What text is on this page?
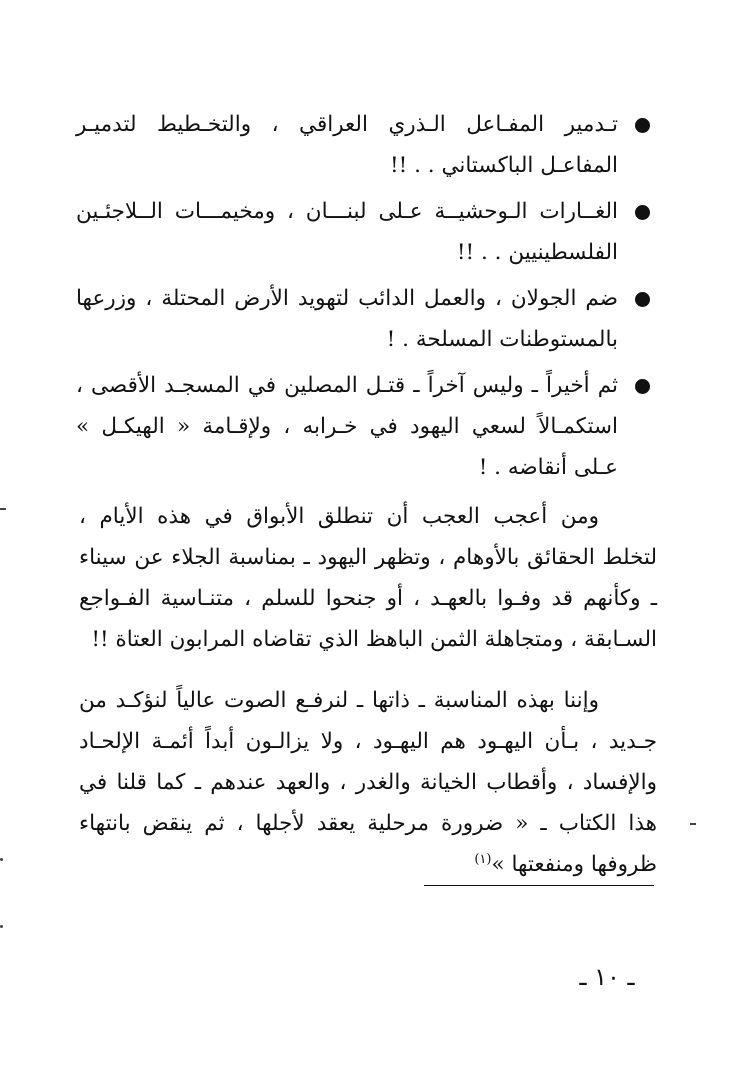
تـدمير المفـاعل الـذري العراقي ، والتخـطيط لتدميـر المفاعـل الباكستاني . . !!

الغــارات الـوحشيــة عـلى لبنـــان ، ومخيمـــات الــلاجئـين الفلسطينيين . . !!

ضم الجولان ، والعمل الدائب لتهويد الأرض المحتلة ، وزرعها بالمستوطنات المسلحة . !

ثم أخيراً ـ وليس آخراً ـ قتـل المصلين في المسجـد الأقصى ، استكمـالاً لسعي اليهود في خـرابه ، ولإقـامة « الهيكـل » عـلى أنقاضه . !

ومن أعجب العجب أن تنطلق الأبواق في هذه الأيام ، لتخلط الحقائق بالأوهام ، وتظهر اليهود ـ بمناسبة الجلاء عن سيناء ـ وكأنهم قد وفـوا بالعهـد ، أو جنحوا للسلم ، متنـاسية الفـواجع السـابقة ، ومتجاهلة الثمن الباهظ الذي تقاضاه المرابون العتاة !!

وإننا بهذه المناسبة ـ ذاتها ـ لنرفـع الصوت عالياً لنؤكـد من جـديد ، بـأن اليهـود هم اليهـود ، ولا يزالـون أبداً أئمـة الإلحـاد والإفساد ، وأقطاب الخيانة والغدر ، والعهد عندهم ـ كما قلنا في هذا الكتاب ـ « ضرورة مرحلية يعقد لأجلها ، ثم ينقض بانتهاء ظروفها ومنفعتها »$^{(١)}$

ـ ١٠ ـ
